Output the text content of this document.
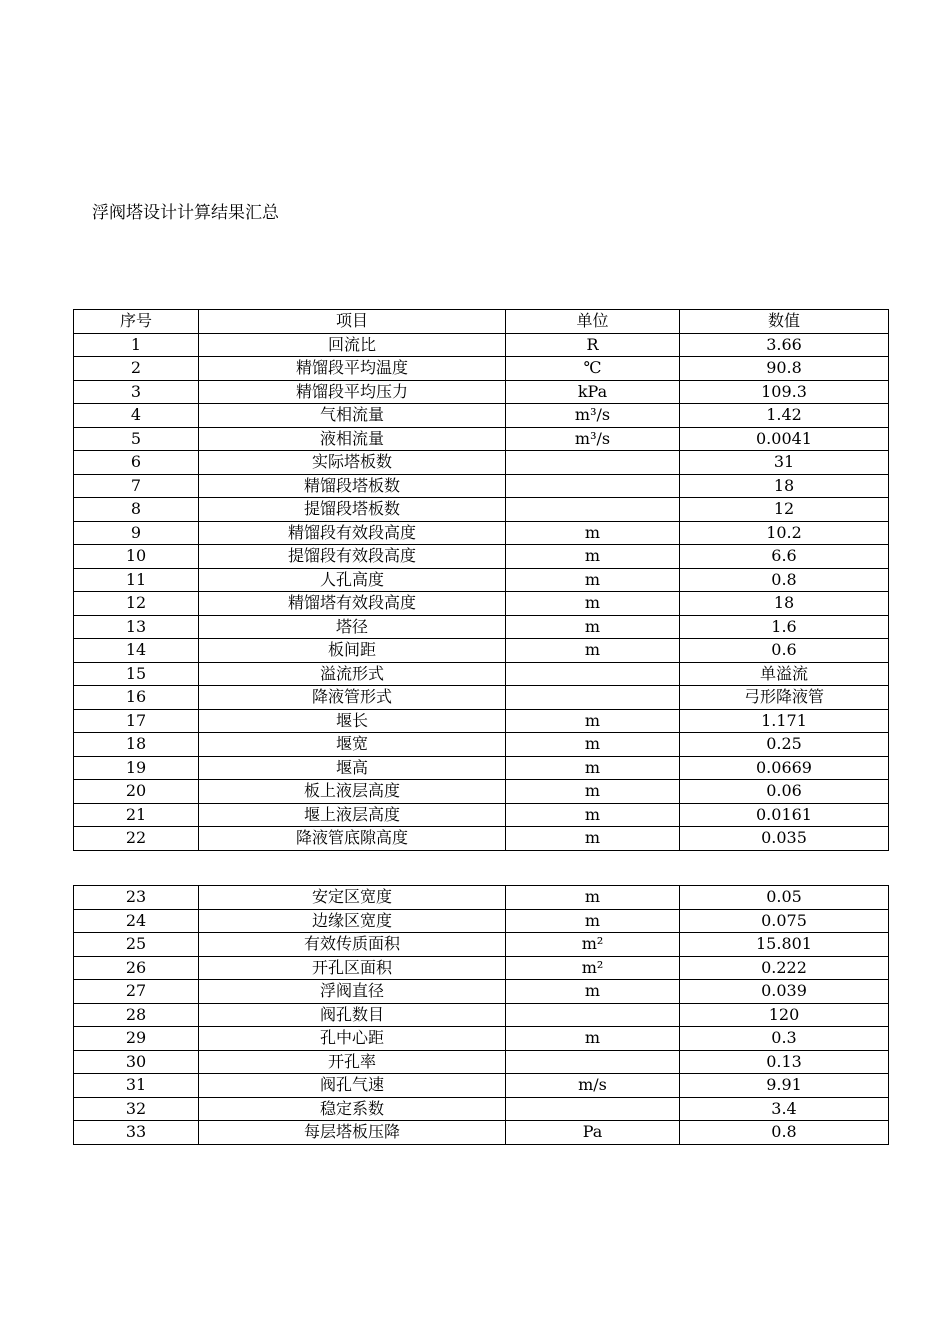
浮阀塔设计计算结果汇总
序号	项目	单位	数值
1	回流比	R	3.66
2	精馏段平均温度	℃	90.8
3	精馏段平均压力	kPa	109.3
4	气相流量	m³/s	1.42
5	液相流量	m³/s	0.0041
6	实际塔板数		31
7	精馏段塔板数		18
8	提馏段塔板数		12
9	精馏段有效段高度	m	10.2
10	提馏段有效段高度	m	6.6
11	人孔高度	m	0.8
12	精馏塔有效段高度	m	18
13	塔径	m	1.6
14	板间距	m	0.6
15	溢流形式		单溢流
16	降液管形式		弓形降液管
17	堰长	m	1.171
18	堰宽	m	0.25
19	堰高	m	0.0669
20	板上液层高度	m	0.06
21	堰上液层高度	m	0.0161
22	降液管底隙高度	m	0.035
23	安定区宽度	m	0.05
24	边缘区宽度	m	0.075
25	有效传质面积	m²	15.801
26	开孔区面积	m²	0.222
27	浮阀直径	m	0.039
28	阀孔数目		120
29	孔中心距	m	0.3
30	开孔率		0.13
31	阀孔气速	m/s	9.91
32	稳定系数		3.4
33	每层塔板压降	Pa	0.8
